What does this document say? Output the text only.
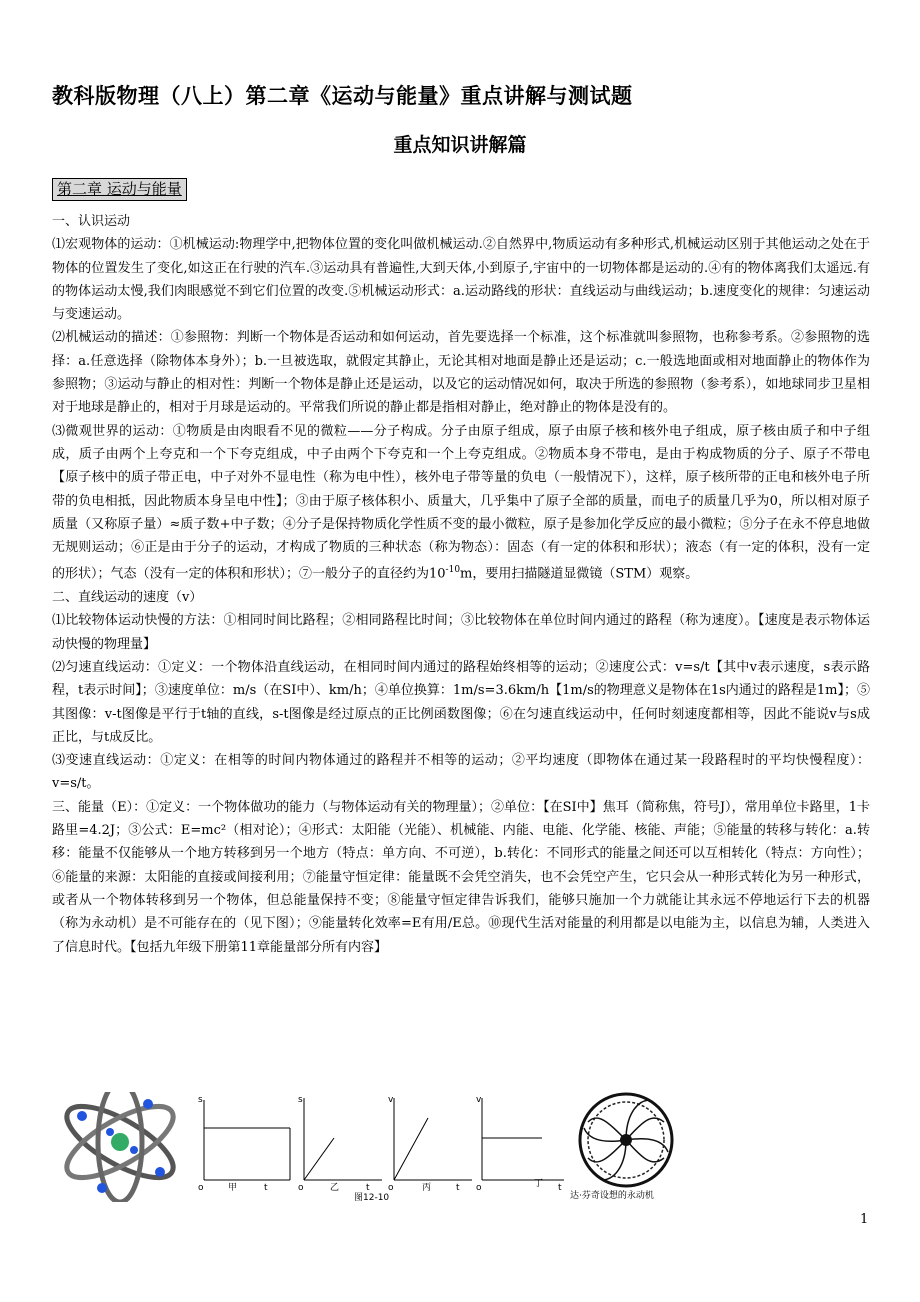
教科版物理（八上）第二章《运动与能量》重点讲解与测试题
重点知识讲解篇
第二章 运动与能量

一、认识运动

⑴宏观物体的运动：①机械运动:物理学中,把物体位置的变化叫做机械运动.②自然界中,物质运动有多种形式,机械运动区别于其他运动之处在于物体的位置发生了变化,如这正在行驶的汽车.③运动具有普遍性,大到天体,小到原子,宇宙中的一切物体都是运动的.④有的物体离我们太遥远.有的物体运动太慢,我们肉眼感觉不到它们位置的改变.⑤机械运动形式：a.运动路线的形状：直线运动与曲线运动；b.速度变化的规律：匀速运动与变速运动。

⑵机械运动的描述：①参照物：判断一个物体是否运动和如何运动，首先要选择一个标准，这个标准就叫参照物，也称参考系。②参照物的选择：a.任意选择（除物体本身外）；b.一旦被选取，就假定其静止，无论其相对地面是静止还是运动；c.一般选地面或相对地面静止的物体作为参照物；③运动与静止的相对性：判断一个物体是静止还是运动，以及它的运动情况如何，取决于所选的参照物（参考系），如地球同步卫星相对于地球是静止的，相对于月球是运动的。平常我们所说的静止都是指相对静止，绝对静止的物体是没有的。

⑶微观世界的运动：①物质是由肉眼看不见的微粒——分子构成。分子由原子组成，原子由原子核和核外电子组成，原子核由质子和中子组成，质子由两个上夸克和一个下夸克组成，中子由两个下夸克和一个上夸克组成。②物质本身不带电，是由于构成物质的分子、原子不带电【原子核中的质子带正电，中子对外不显电性（称为电中性），核外电子带等量的负电（一般情况下），这样，原子核所带的正电和核外电子所带的负电相抵，因此物质本身呈电中性】；③由于原子核体积小、质量大，几乎集中了原子全部的质量，而电子的质量几乎为0，所以相对原子质量（又称原子量）≈质子数+中子数；④分子是保持物质化学性质不变的最小微粒，原子是参加化学反应的最小微粒；⑤分子在永不停息地做无规则运动；⑥正是由于分子的运动，才构成了物质的三种状态（称为物态）：固态（有一定的体积和形状）；液态（有一定的体积，没有一定的形状）；气态（没有一定的体积和形状）；⑦一般分子的直径约为$10^{-10}m$，要用扫描隧道显微镜（STM）观察。

二、直线运动的速度（v）

⑴比较物体运动快慢的方法：①相同时间比路程；②相同路程比时间；③比较物体在单位时间内通过的路程（称为速度）。【速度是表示物体运动快慢的物理量】

⑵匀速直线运动：①定义：一个物体沿直线运动，在相同时间内通过的路程始终相等的运动；②速度公式：v=s/t【其中v表示速度，s表示路程，t表示时间】；③速度单位：m/s（在SI中）、km/h；④单位换算：1m/s=3.6km/h【1m/s的物理意义是物体在1s内通过的路程是1m】；⑤其图像：v-t图像是平行于t轴的直线，s-t图像是经过原点的正比例函数图像；⑥在匀速直线运动中，任何时刻速度都相等，因此不能说v与s成正比，与t成反比。

⑶变速直线运动：①定义：在相等的时间内物体通过的路程并不相等的运动；②平均速度（即物体在通过某一段路程时的平均快慢程度）：v=s/t。

三、能量（E）：①定义：一个物体做功的能力（与物体运动有关的物理量）；②单位：【在SI中】焦耳（简称焦，符号J），常用单位卡路里，1卡路里=4.2J；③公式：E=mc²（相对论）；④形式：太阳能（光能）、机械能、内能、电能、化学能、核能、声能；⑤能量的转移与转化：a.转移：能量不仅能够从一个地方转移到另一个地方（特点：单方向、不可逆），b.转化：不同形式的能量之间还可以互相转化（特点：方向性）；⑥能量的来源：太阳能的直接或间接利用；⑦能量守恒定律：能量既不会凭空消失，也不会凭空产生，它只会从一种形式转化为另一种形式，或者从一个物体转移到另一个物体，但总能量保持不变；⑧能量守恒定律告诉我们，能够只施加一个力就能让其永远不停地运行下去的机器（称为永动机）是不可能存在的（见下图）；⑨能量转化效率=E有用/E总。⑩现代生活对能量的利用都是以电能为主，以信息为辅，人类进入了信息时代。【包括九年级下册第11章能量部分所有内容】

s
o	甲	t
s
o	乙	t
v
o	丙	t
v
o	丁 t
图12-10	达·芬奇设想的永动机
1
